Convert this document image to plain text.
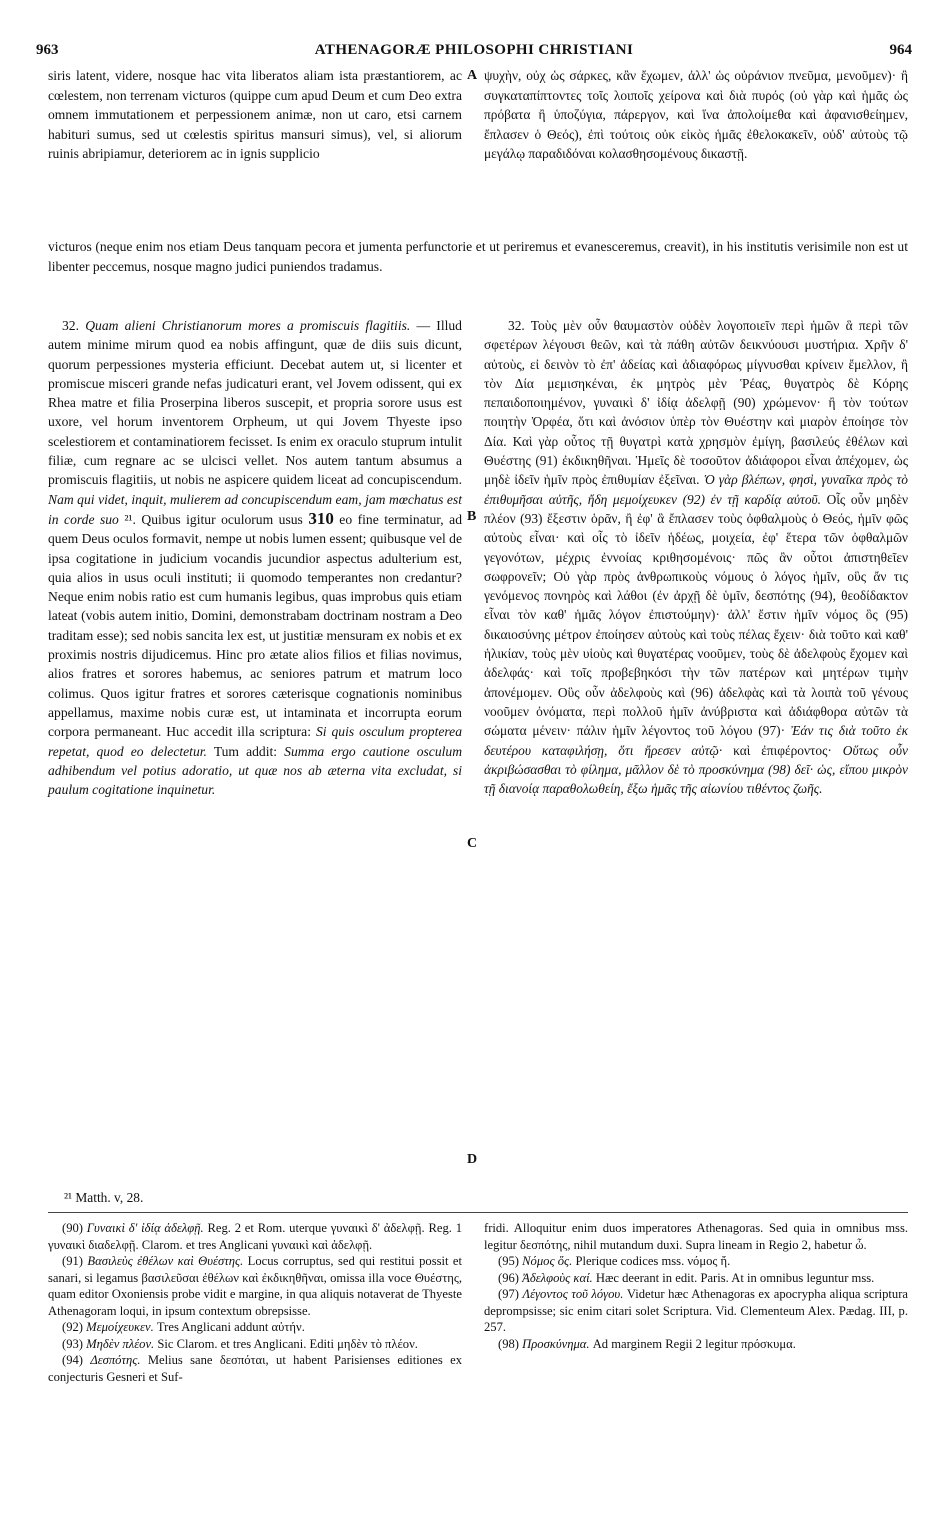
963	ATHENAGORÆ PHILOSOPHI CHRISTIANI	964

siris latent, videre, nosque hac vita liberatos aliam ista præstantiorem, ac cœlestem, non terrenam victuros (quippe cum apud Deum et cum Deo extra omnem immutationem et perpessionem animæ, non ut caro, etsi carnem habituri sumus, sed ut cœlestis spiritus mansuri simus), vel, si aliorum ruinis abripiamur, deteriorem ac in ignis supplicio

A ψυχὴν, οὐχ ὡς σάρκες, κἂν ἔχωμεν, ἀλλ' ὡς οὐράνιον πνεῦμα, μενοῦμεν)· ἢ συγκαταπίπτοντες τοῖς λοιποῖς χείρονα καὶ διὰ πυρός (οὐ γὰρ καὶ ἡμᾶς ὡς πρόβατα ἢ ὑποζύγια, πάρεργον, καὶ ἵνα ἀπολοίμεθα καὶ ἀφανισθείημεν, ἔπλασεν ὁ Θεός), ἐπὶ τούτοις οὐκ εἰκὸς ἡμᾶς ἐθελοκακεῖν, οὐδ' αὐτοὺς τῷ μεγάλῳ παραδιδόναι κολασθησομένους δικαστῇ.

victuros (neque enim nos etiam Deus tanquam pecora et jumenta perfunctorie et ut periremus et evanesceremus, creavit), in his institutis verisimile non est ut libenter peccemus, nosque magno judici puniendos tradamus.

32. Quam alieni Christianorum mores a promiscuis flagitiis. — Illud autem minime mirum quod ea nobis affingunt, quæ de diis suis dicunt, quorum perpessiones mysteria efficiunt. Decebat autem ut, si licenter et promiscue misceri grande nefas judicaturi erant, vel Jovem odissent, qui ex Rhea matre et filia Proserpina liberos suscepit, et propria sorore usus est uxore, vel horum inventorem Orpheum, ut qui Jovem Thyeste ipso scelestiorem et contaminatiorem fecisset. Is enim ex oraculo stuprum intulit filiæ, cum regnare ac se ulcisci vellet. Nos autem tantum absumus a promiscuis flagitiis, ut nobis ne aspicere quidem liceat ad concupiscendum. Nam qui videt, inquit, mulierem ad concupiscendum eam, jam mœchatus est in corde suo ²¹. Quibus igitur oculorum usus 310 eo fine terminatur, ad quem Deus oculos formavit, nempe ut nobis lumen essent; quibusque vel de ipsa cogitatione in judicium vocandis jucundior aspectus adulterium est, quia alios in usus oculi instituti; ii quomodo temperantes non credantur? Neque enim nobis ratio est cum humanis legibus, quas improbus quis etiam lateat (vobis autem initio, Domini, demonstrabam doctrinam nostram a Deo traditam esse); sed nobis sancita lex est, ut justitiæ mensuram ex nobis et ex proximis nostris dijudicemus. Hinc pro ætate alios filios et filias novimus, alios fratres et sorores habemus, ac seniores patrum et matrum loco colimus. Quos igitur fratres et sorores cæterisque cognationis nominibus appellamus, maxime nobis curæ est, ut intaminata et incorrupta eorum corpora permaneant. Huc accedit illa scriptura: Si quis osculum propterea repetat, quod eo delectetur. Tum addit: Summa ergo cautione osculum adhibendum vel potius adoratio, ut quæ nos ab æterna vita excludat, si paulum cogitatione inquinetur.

B
C
D

32. Τοὺς μὲν οὖν θαυμαστὸν οὐδὲν λογοποιεῖν περὶ ἡμῶν ἃ περὶ τῶν σφετέρων λέγουσι θεῶν, καὶ τὰ πάθη αὐτῶν δεικνύουσι μυστήρια. Χρῆν δ' αὐτοὺς, εἰ δεινὸν τὸ ἐπ' ἀδείας καὶ ἀδιαφόρως μίγνυσθαι κρίνειν ἔμελλον, ἢ τὸν Δία μεμισηκέναι, ἐκ μητρὸς μὲν Ῥέας, θυγατρὸς δὲ Κόρης πεπαιδοποιημένον, γυναικὶ δ' ἰδίᾳ ἀδελφῇ (90) χρώμενον· ἢ τὸν τούτων ποιητὴν Ὀρφέα, ὅτι καὶ ἀνόσιον ὑπὲρ τὸν Θυέστην καὶ μιαρὸν ἐποίησε τὸν Δία. Καὶ γὰρ οὗτος τῇ θυγατρὶ κατὰ χρησμὸν ἐμίγη, βασιλεύς ἐθέλων καὶ Θυέστης (91) ἐκδικηθῆναι. Ἡμεῖς δὲ τοσοῦτον ἀδιάφοροι εἶναι ἀπέχομεν, ὡς μηδὲ ἰδεῖν ἡμῖν πρὸς ἐπιθυμίαν ἐξεῖναι. Ὁ γὰρ βλέπων, φησὶ, γυναῖκα πρὸς τὸ ἐπιθυμῆσαι αὐτῆς, ἤδη μεμοίχευκεν (92) ἐν τῇ καρδίᾳ αὐτοῦ. Οἷς οὖν μηδὲν πλέον (93) ἔξεστιν ὁρᾶν, ἢ ἐφ' ἃ ἔπλασεν τοὺς ὀφθαλμοὺς ὁ Θεός, ἡμῖν φῶς αὐτοὺς εἶναι· καὶ οἷς τὸ ἰδεῖν ἡδέως, μοιχεία, ἐφ' ἕτερα τῶν ὀφθαλμῶν γεγονότων, μέχρις ἐννοίας κριθησομένοις· πῶς ἂν οὗτοι ἀπιστηθεῖεν σωφρονεῖν; Οὐ γὰρ πρὸς ἀνθρωπικοὺς νόμους ὁ λόγος ἡμῖν, οὓς ἄν τις γενόμενος πονηρὸς καὶ λάθοι (ἐν ἀρχῇ δὲ ὑμῖν, δεσπότης (94), θεοδίδακτον εἶναι τὸν καθ' ἡμᾶς λόγον ἐπιστούμην)· ἀλλ' ἔστιν ἡμῖν νόμος ὃς (95) δικαιοσύνης μέτρον ἐποίησεν αὐτοὺς καὶ τοὺς πέλας ἔχειν· διὰ τοῦτο καὶ καθ' ἡλικίαν, τοὺς μὲν υἱοὺς καὶ θυγατέρας νοοῦμεν, τοὺς δὲ ἀδελφοὺς ἔχομεν καὶ ἀδελφάς· καὶ τοῖς προβεβηκόσι τὴν τῶν πατέρων καὶ μητέρων τιμὴν ἀπονέμομεν. Οὓς οὖν ἀδελφοὺς καὶ (96) ἀδελφὰς καὶ τὰ λοιπὰ τοῦ γένους νοοῦμεν ὀνόματα, περὶ πολλοῦ ἡμῖν ἀνύβριστα καὶ ἀδιάφθορα αὐτῶν τὰ σώματα μένειν· πάλιν ἡμῖν λέγοντος τοῦ λόγου (97)· Ἐάν τις διὰ τοῦτο ἐκ δευτέρου καταφιλήσῃ, ὅτι ἤρεσεν αὐτῷ· καὶ ἐπιφέροντος· Οὕτως οὖν ἀκριβώσασθαι τὸ φίλημα, μᾶλλον δὲ τὸ προσκύνημα (98) δεῖ· ὡς, εἴπου μικρὸν τῇ διανοίᾳ παραθολωθείη, ἔξω ἡμᾶς τῆς αἰωνίου τιθέντος ζωῆς.

²¹ Matth. v, 28.

(90) Γυναικὶ δ' ἰδίᾳ ἀδελφῇ. Reg. 2 et Rom. uterque γυναικὶ δ' ἀδελφῇ. Reg. 1 γυναικὶ διαδελφῇ. Clarom. et tres Anglicani γυναικὶ καὶ ἀδελφῇ.

(91) Βασιλεὺς ἐθέλων καὶ Θυέστης. Locus corruptus, sed qui restitui possit et sanari, si legamus βασιλεῦσαι ἐθέλων καὶ ἐκδικηθῆναι, omissa illa voce Θυέστης, quam editor Oxoniensis probe vidit e margine, in qua aliquis notaverat de Thyeste Athenagoram loqui, in ipsum contextum obrepsisse.

(92) Μεμοίχευκεν. Tres Anglicani addunt αὐτήν.

(93) Μηδὲν πλέον. Sic Clarom. et tres Anglicani. Editi μηδὲν τὸ πλέον.

(94) Δεσπότης. Melius sane δεσπόται, ut habent Parisienses editiones ex conjecturis Gesneri et Suf-

fridi. Alloquitur enim duos imperatores Athenagoras. Sed quia in omnibus mss. legitur δεσπότης, nihil mutandum duxi. Supra lineam in Regio 2, habetur ὦ.

(95) Νόμος ὅς. Plerique codices mss. νόμος ἤ.

(96) Ἀδελφοὺς καί. Hæc deerant in edit. Paris. At in omnibus leguntur mss.

(97) Λέγοντος τοῦ λόγου. Videtur hæc Athenagoras ex apocrypha aliqua scriptura deprompsisse; sic enim citari solet Scriptura. Vid. Clementeum Alex. Pædag. III, p. 257.

(98) Προσκύνημα. Ad marginem Regii 2 legitur πρόσκυμα.
